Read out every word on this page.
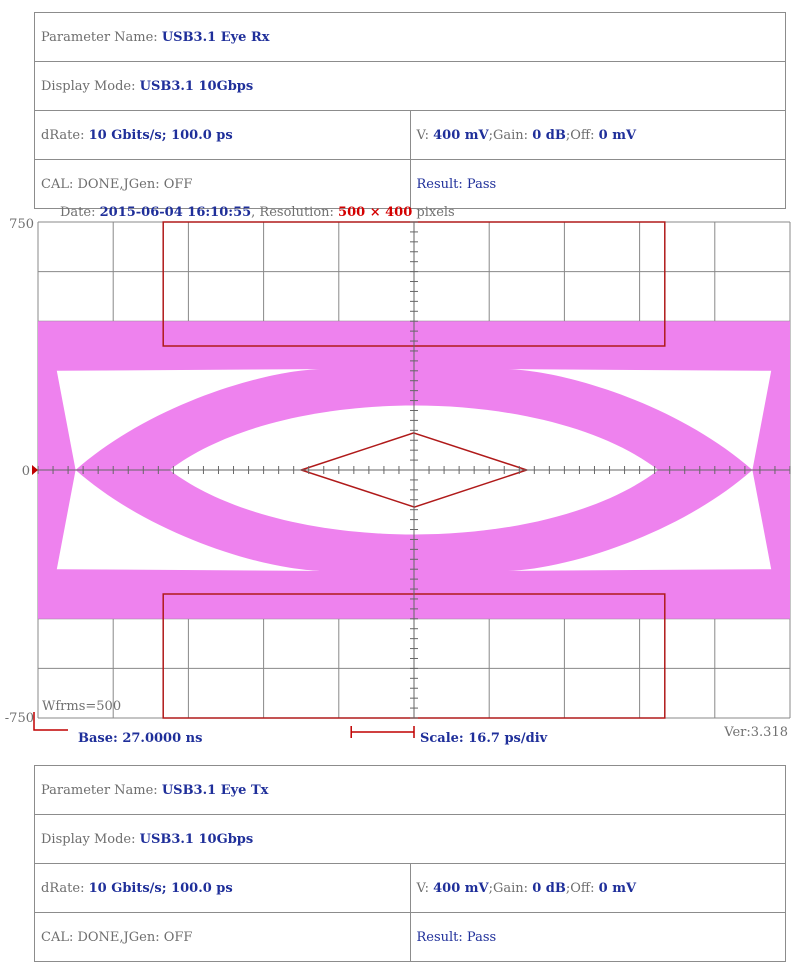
Parameter Name: USB3.1 Eye Rx	
Display Mode: USB3.1 10Gbps	
dRate: 10 Gbits/s; 100.0 ps	V: 400 mV;Gain: 0 dB;Off: 0 mV
CAL: DONE,JGen: OFF	Result: Pass
750
0
-750
Date: 2015-06-04 16:10:55, Resolution: 500 × 400 pixels
Wfrms=500
Base: 27.0000 ns	Scale: 16.7 ps/div	Ver:3.318
Parameter Name: USB3.1 Eye Tx	
Display Mode: USB3.1 10Gbps	
dRate: 10 Gbits/s; 100.0 ps	V: 400 mV;Gain: 0 dB;Off: 0 mV
CAL: DONE,JGen: OFF	Result: Pass
